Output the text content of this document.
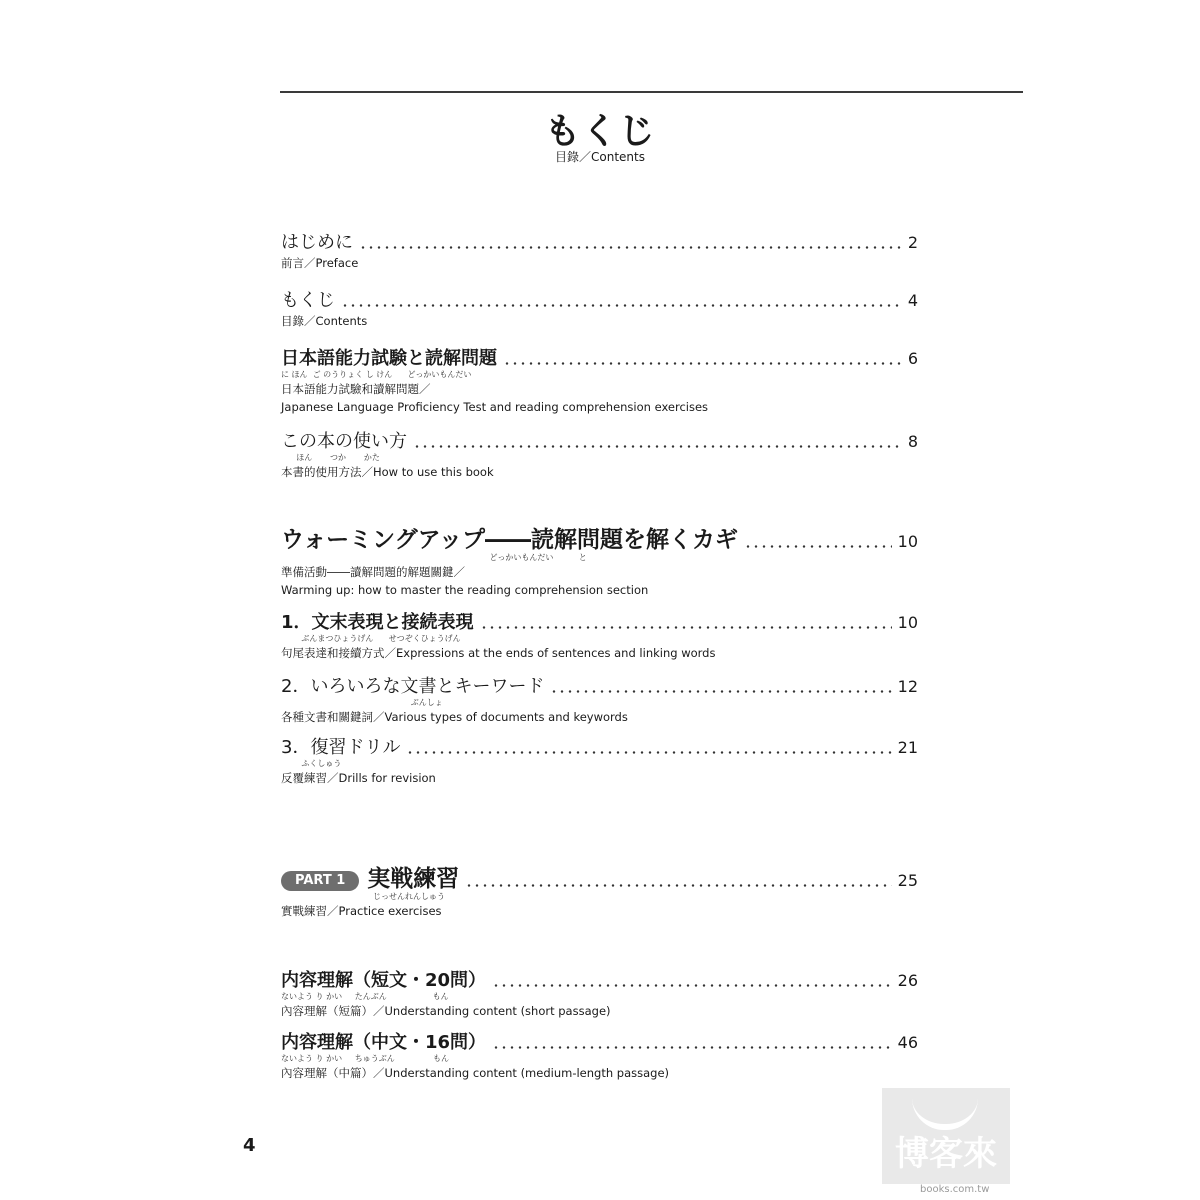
もくじ
目錄／Contents
はじめに	2
前言／Preface
もくじ	4
目錄／Contents
日本語能力試験と読解問題	6
に ほん  ご のうりょく し けん      どっかいもんだい
日本語能力試驗和讀解問題／
Japanese Language Proficiency Test and reading comprehension exercises
この本の使い方	8
ほん       つか       かた
本書的使用方法／How to use this book
ウォーミングアップ――読解問題を解くカギ	10
どっかいもんだい          と
準備活動――讀解問題的解題關鍵／
Warming up: how to master the reading comprehension section
1．文末表現と接続表現	10
ぶんまつひょうげん      せつぞくひょうげん
句尾表達和接續方式／Expressions at the ends of sentences and linking words
2．いろいろな文書とキーワード	12
ぶんしょ
各種文書和關鍵詞／Various types of documents and keywords
3．復習ドリル	21
ふくしゅう
反覆練習／Drills for revision
PART 1 実戦練習	25
じっせんれんしゅう
實戰練習／Practice exercises
内容理解（短文・20問）	26
ないよう り かい     たんぶん                  もん
內容理解（短篇）／Understanding content (short passage)
内容理解（中文・16問）	46
ないよう り かい     ちゅうぶん               もん
內容理解（中篇）／Understanding content (medium-length passage)
4	博客來
books.com.tw
